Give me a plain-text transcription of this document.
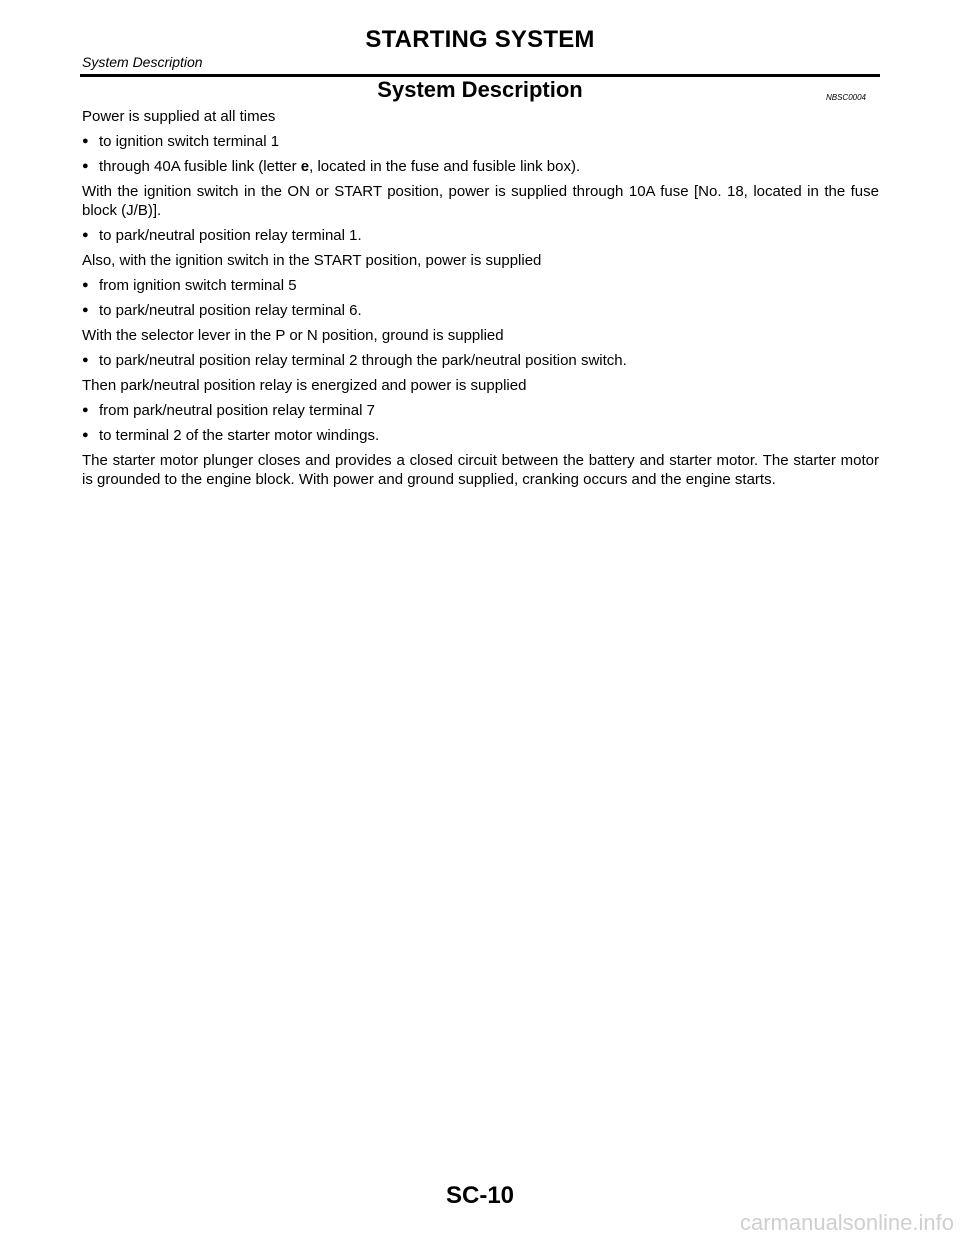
STARTING SYSTEM
System Description
System Description	NBSC0004

Power is supplied at all times

● to ignition switch terminal 1
● through 40A fusible link (letter e, located in the fuse and fusible link box).

With the ignition switch in the ON or START position, power is supplied through 10A fuse [No. 18, located in the fuse block (J/B)].

● to park/neutral position relay terminal 1.

Also, with the ignition switch in the START position, power is supplied

● from ignition switch terminal 5
● to park/neutral position relay terminal 6.

With the selector lever in the P or N position, ground is supplied

● to park/neutral position relay terminal 2 through the park/neutral position switch.

Then park/neutral position relay is energized and power is supplied

● from park/neutral position relay terminal 7
● to terminal 2 of the starter motor windings.

The starter motor plunger closes and provides a closed circuit between the battery and starter motor. The starter motor is grounded to the engine block. With power and ground supplied, cranking occurs and the engine starts.

SC-10
carmanualsonline.info
